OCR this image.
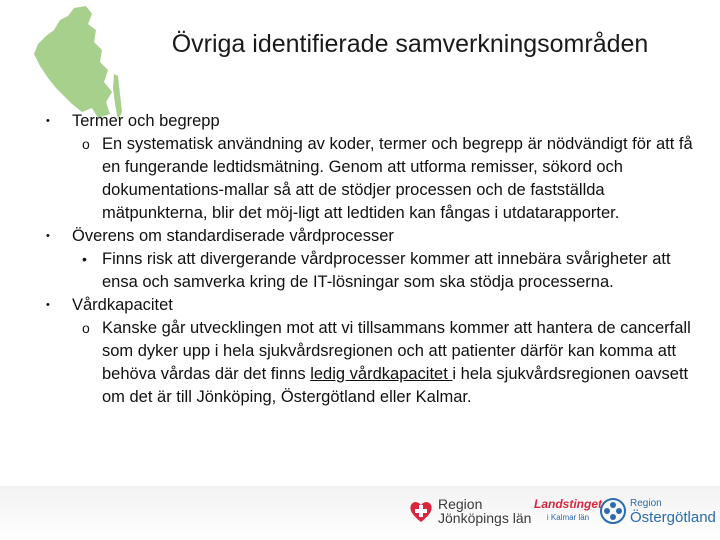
Övriga identifierade samverkningsområden

• Termer och begrepp

o En systematisk användning av koder, termer och begrepp är nödvändigt för att få en fungerande ledtidsmätning. Genom att utforma remisser, sökord och dokumentations-mallar så att de stödjer processen och de fastställda mätpunkterna, blir det möj-ligt att ledtiden kan fångas i utdatarapporter.

• Överens om standardiserade vårdprocesser

• Finns risk att divergerande vårdprocesser kommer att innebära svårigheter att ensa och samverka kring de IT-lösningar som ska stödja processerna.

• Vårdkapacitet

o Kanske går utvecklingen mot att vi tillsammans kommer att hantera de cancerfall som dyker upp i hela sjukvårdsregionen och att patienter därför kan komma att behöva vårdas där det finns ledig vårdkapacitet i hela sjukvårdsregionen oavsett om det är till Jönköping, Östergötland eller Kalmar.

Region
Jönköpings län
Landstinget
i Kalmar län
Region
Östergötland
